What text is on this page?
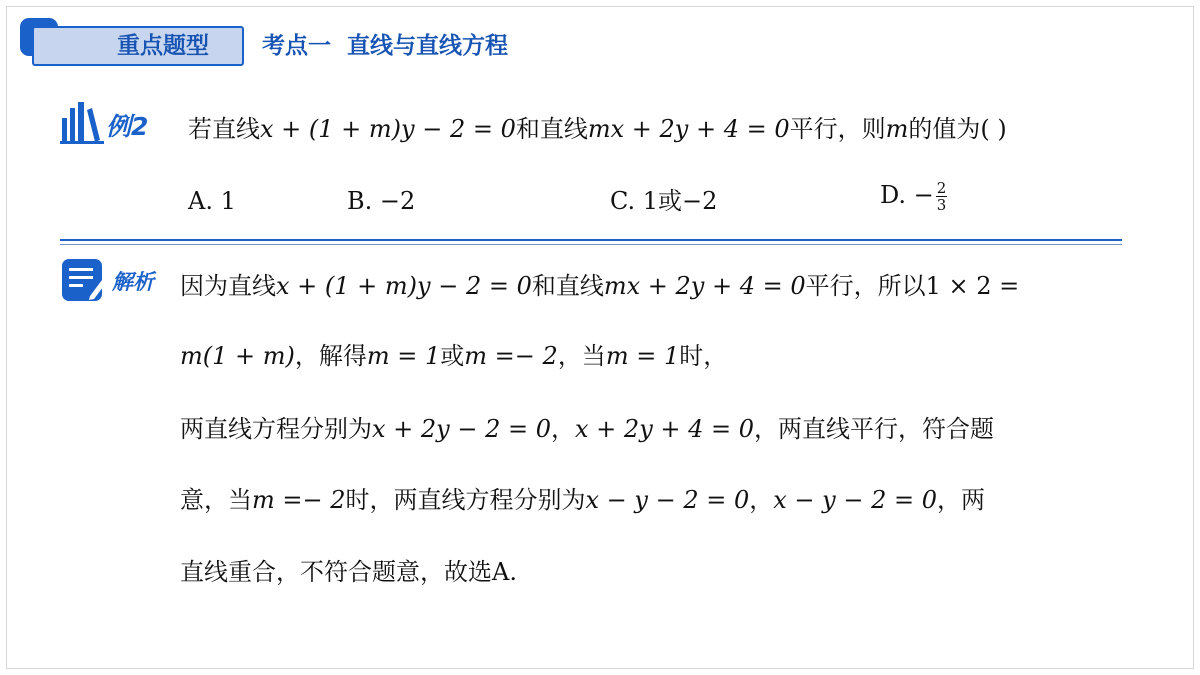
重点题型	考点一 直线与直线方程
例2 若直线x + (1 + m)y − 2 = 0和直线mx + 2y + 4 = 0平行，则m的值为( )
A. 1	B. −2	C. 1或−2	D. − $\frac{2}{3}$
解析 因为直线x + (1 + m)y − 2 = 0和直线mx + 2y + 4 = 0平行，所以1 × 2 =
m(1 + m)，解得m = 1或m =− 2，当m = 1时，
两直线方程分别为x + 2y − 2 = 0，x + 2y + 4 = 0，两直线平行，符合题
意，当m =− 2时，两直线方程分别为x − y − 2 = 0，x − y − 2 = 0，两
直线重合，不符合题意，故选A.
